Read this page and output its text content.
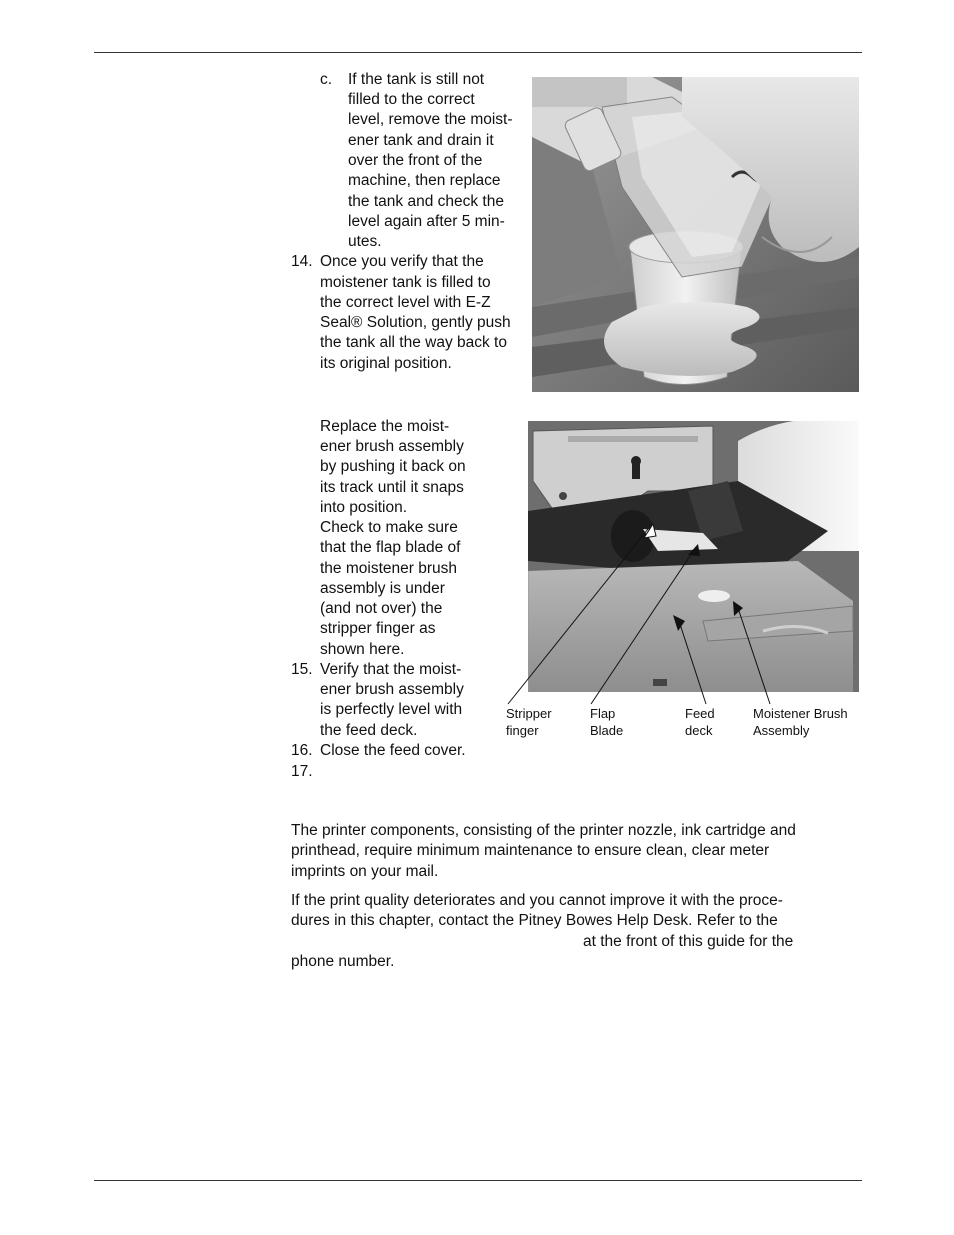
c. If the tank is still not
filled to the correct
level, remove the moist-
ener tank and drain it
over the front of the
machine, then replace
the tank and check the
level again after 5 min-
utes.
14. Once you verify that the
moistener tank is filled to
the correct level with E-Z
Seal® Solution, gently push
the tank all the way back to
its original position.
Replace the moist-
ener brush assembly
by pushing it back on
its track until it snaps
into position.
Check to make sure
that the flap blade of
the moistener brush
assembly is under
(and not over) the
stripper finger as
shown here.
15. Verify that the moist-
ener brush assembly
is perfectly level with
the feed deck.
16. Close the feed cover.
17.
Stripper
finger
Flap
Blade
Feed
deck
Moistener Brush
Assembly
The printer components, consisting of the printer nozzle, ink cartridge and
printhead, require minimum maintenance to ensure clean, clear meter
imprints on your mail.
If the print quality deteriorates and you cannot improve it with the proce-
dures in this chapter, contact the Pitney Bowes Help Desk. Refer to the
at the front of this guide for the
phone number.
